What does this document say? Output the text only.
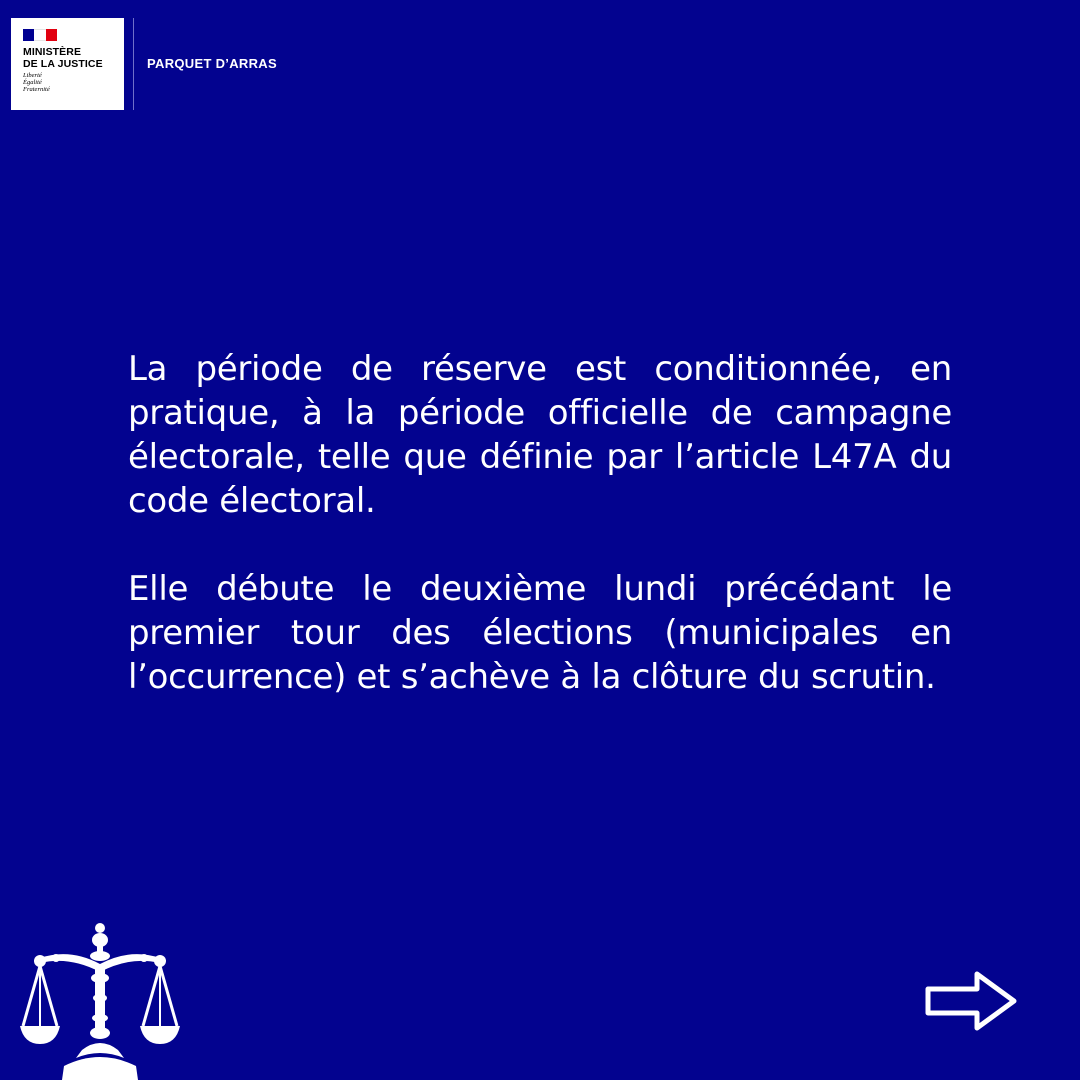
MINISTÈRE
DE LA JUSTICE
Liberté
Égalité
Fraternité
PARQUET D’ARRAS

La période de réserve est conditionnée, en pratique, à la période officielle de campagne électorale, telle que définie par l’article L47A du code électoral.

Elle débute le deuxième lundi précédant le premier tour des élections (municipales en l’occurrence) et s’achève à la clôture du scrutin.
